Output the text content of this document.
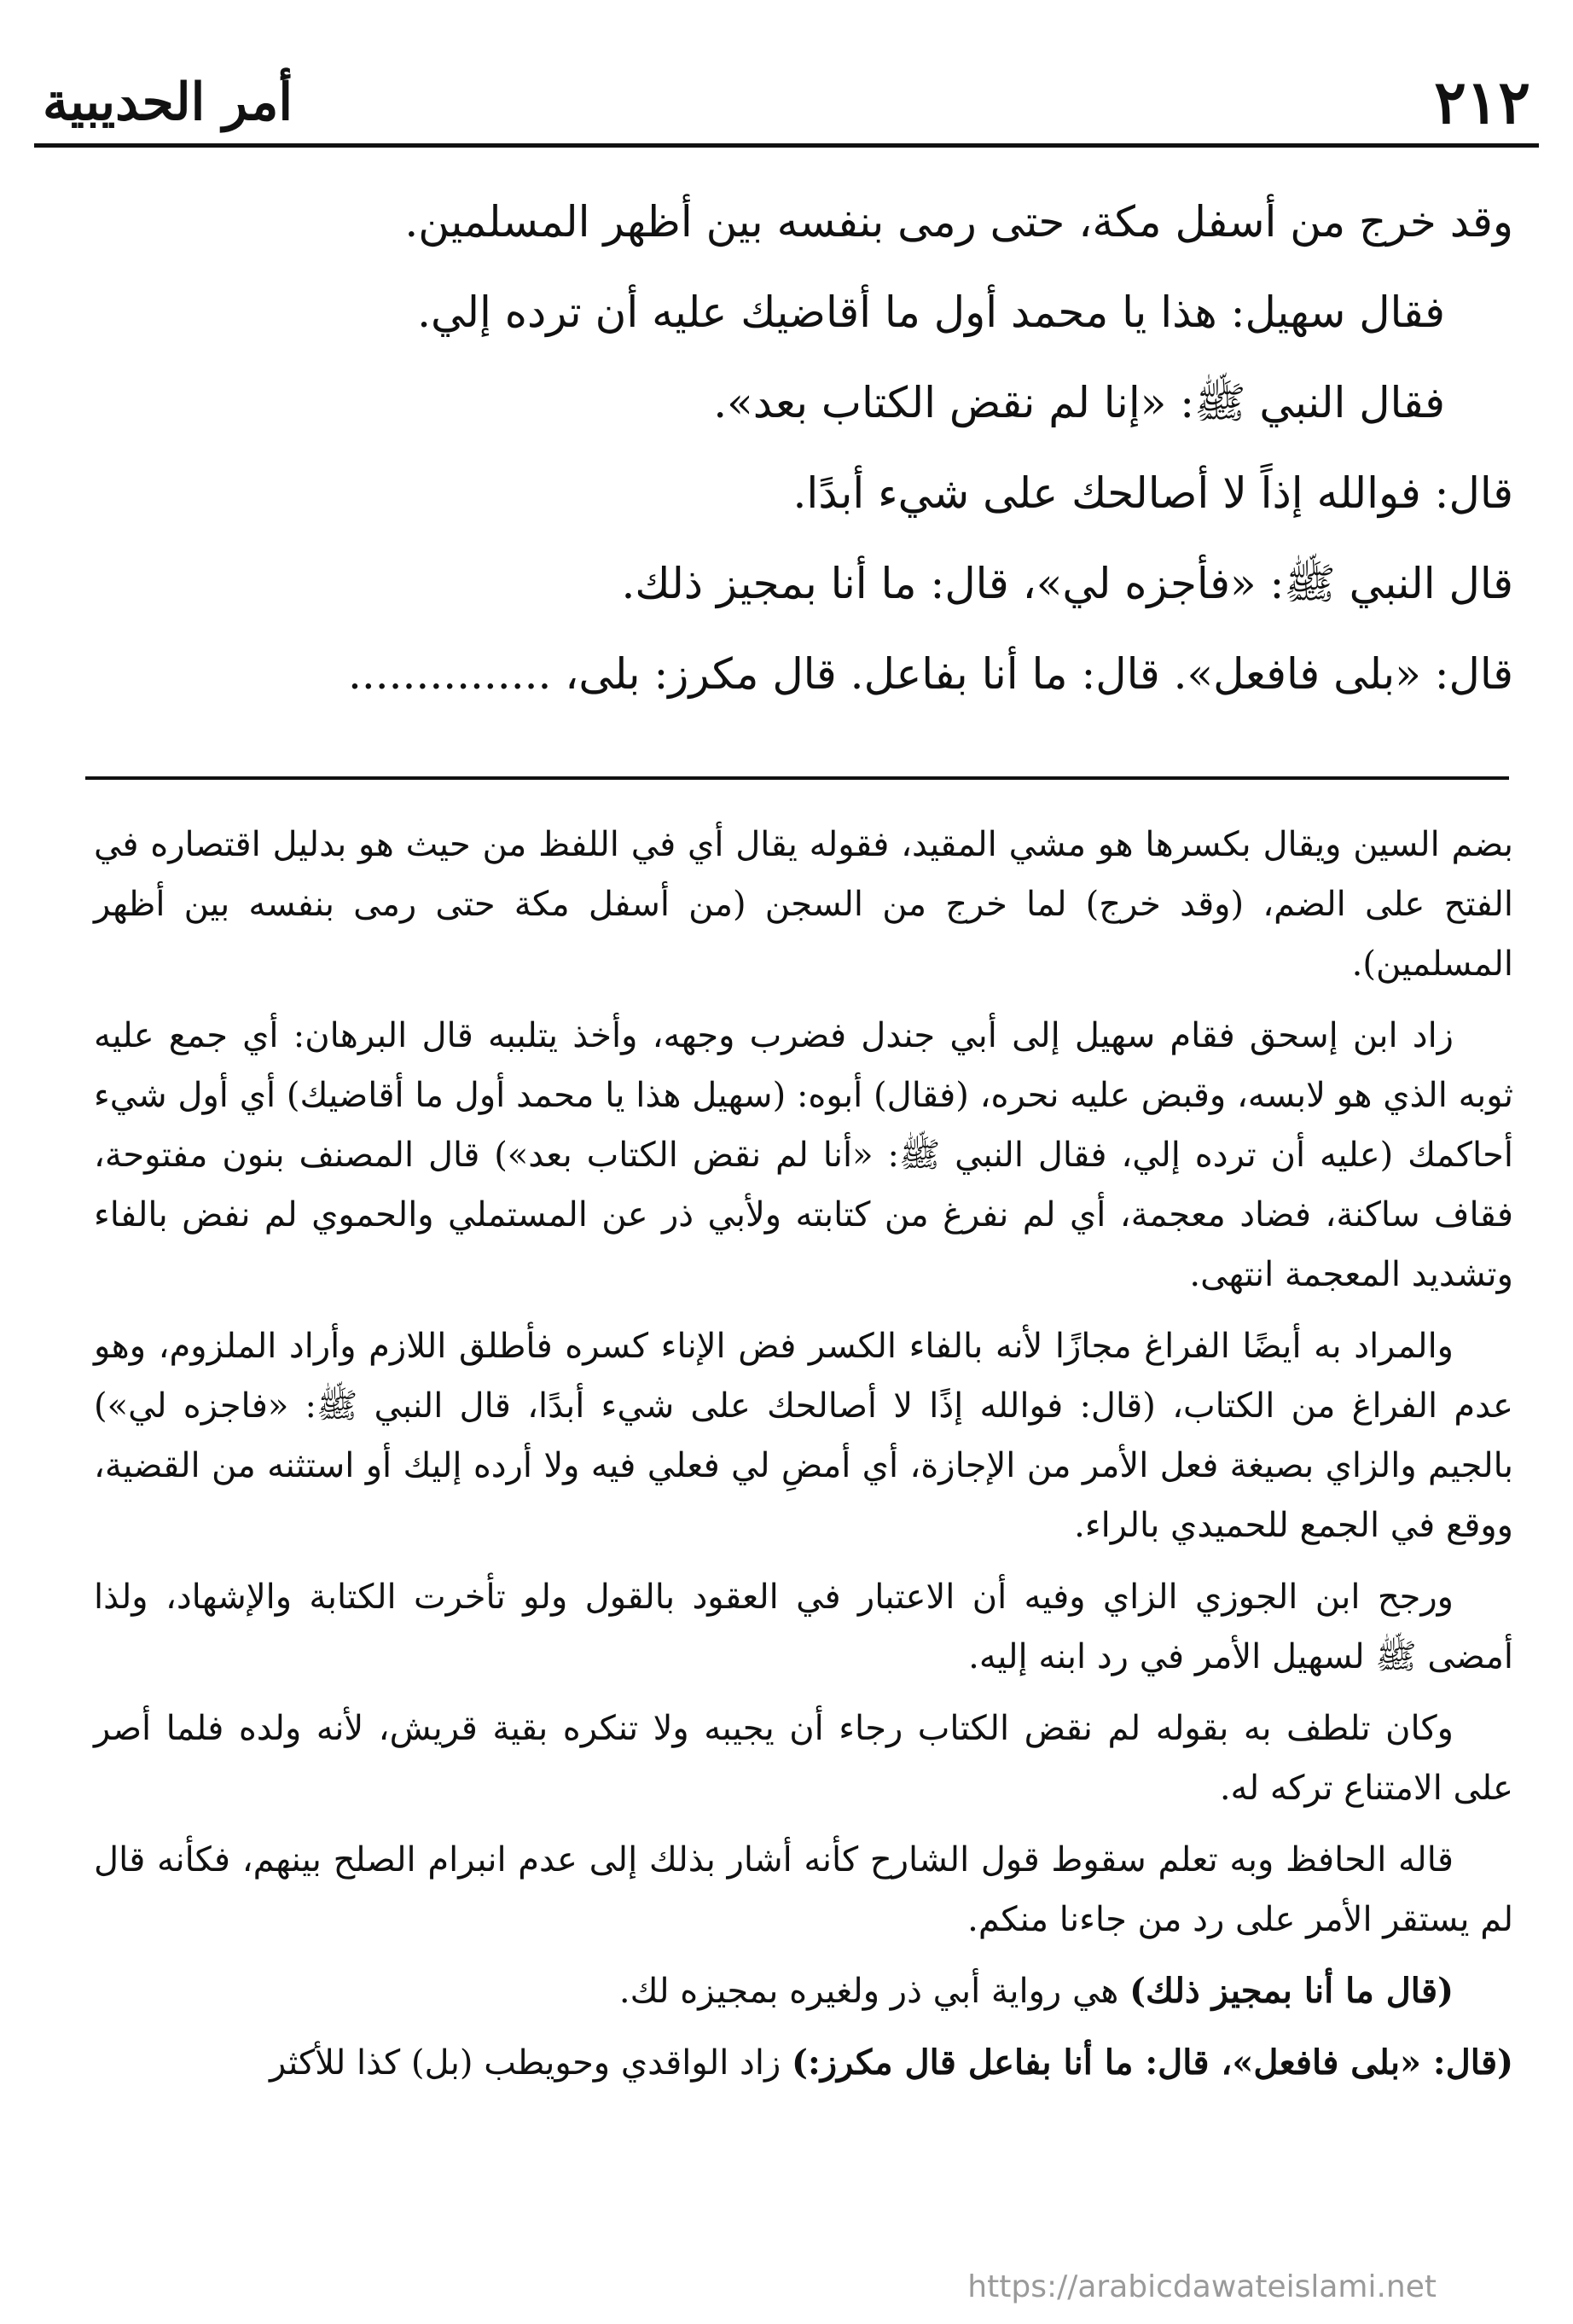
٢١٢
أمر الحديبية

وقد خرج من أسفل مكة، حتى رمى بنفسه بين أظهر المسلمين.

فقال سهيل: هذا يا محمد أول ما أقاضيك عليه أن ترده إلي.

فقال النبي ﷺ: «إنا لم نقض الكتاب بعد».

قال: فوالله إذاً لا أصالحك على شيء أبدًا.

قال النبي ﷺ: «فأجزه لي»، قال: ما أنا بمجيز ذلك.

قال: «بلى فافعل». قال: ما أنا بفاعل. قال مكرز: بلى، ...............

بضم السين ويقال بكسرها هو مشي المقيد، فقوله يقال أي في اللفظ من حيث هو بدليل اقتصاره في الفتح على الضم، (وقد خرج) لما خرج من السجن (من أسفل مكة حتى رمى بنفسه بين أظهر المسلمين).

زاد ابن إسحق فقام سهيل إلى أبي جندل فضرب وجهه، وأخذ يتلببه قال البرهان: أي جمع عليه ثوبه الذي هو لابسه، وقبض عليه نحره، (فقال) أبوه: (سهيل هذا يا محمد أول ما أقاضيك) أي أول شيء أحاكمك (عليه أن ترده إلي، فقال النبي ﷺ: «أنا لم نقض الكتاب بعد») قال المصنف بنون مفتوحة، فقاف ساكنة، فضاد معجمة، أي لم نفرغ من كتابته ولأبي ذر عن المستملي والحموي لم نفض بالفاء وتشديد المعجمة انتهى.

والمراد به أيضًا الفراغ مجازًا لأنه بالفاء الكسر فض الإناء كسره فأطلق اللازم وأراد الملزوم، وهو عدم الفراغ من الكتاب، (قال: فوالله إذًا لا أصالحك على شيء أبدًا، قال النبي ﷺ: «فاجزه لي») بالجيم والزاي بصيغة فعل الأمر من الإجازة، أي أمضِ لي فعلي فيه ولا أرده إليك أو استثنه من القضية، ووقع في الجمع للحميدي بالراء.

ورجح ابن الجوزي الزاي وفيه أن الاعتبار في العقود بالقول ولو تأخرت الكتابة والإشهاد، ولذا أمضى ﷺ لسهيل الأمر في رد ابنه إليه.

وكان تلطف به بقوله لم نقض الكتاب رجاء أن يجيبه ولا تنكره بقية قريش، لأنه ولده فلما أصر على الامتناع تركه له.

قاله الحافظ وبه تعلم سقوط قول الشارح كأنه أشار بذلك إلى عدم انبرام الصلح بينهم، فكأنه قال لم يستقر الأمر على رد من جاءنا منكم.

(قال ما أنا بمجيز ذلك) هي رواية أبي ذر ولغيره بمجيزه لك.

(قال: «بلى فافعل»، قال: ما أنا بفاعل قال مكرز:) زاد الواقدي وحويطب (بل) كذا للأكثر

https://arabicdawateislami.net
